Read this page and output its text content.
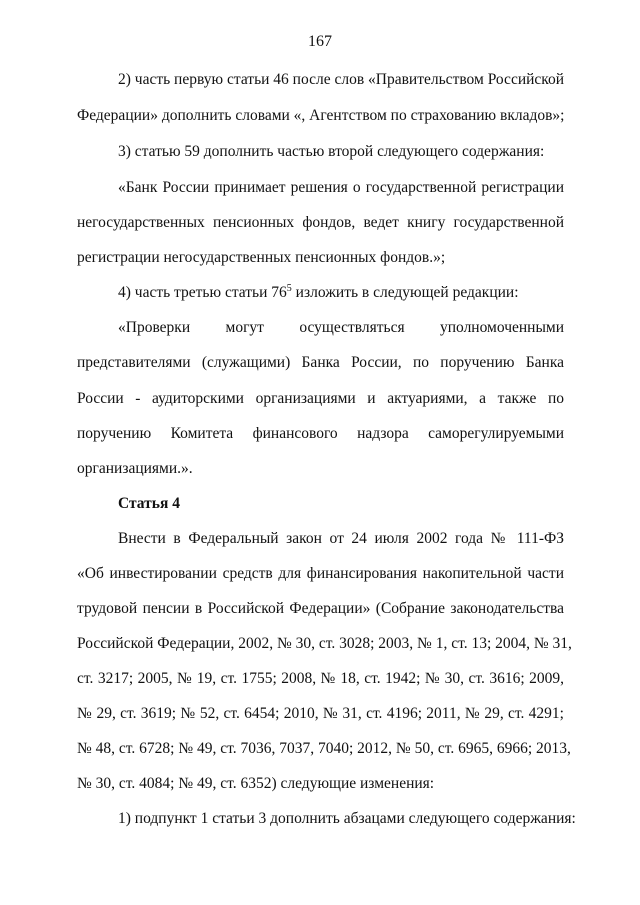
167
2) часть первую статьи 46 после слов «Правительством Российской
Федерации» дополнить словами «, Агентством по страхованию вкладов»;
3) статью 59 дополнить частью второй следующего содержания:
«Банк России принимает решения о государственной регистрации
негосударственных пенсионных фондов, ведет книгу государственной
регистрации негосударственных пенсионных фондов.»;
4) часть третью статьи $76^5$ изложить в следующей редакции:
«Проверки могут осуществляться уполномоченными
представителями (служащими) Банка России, по поручению Банка
России - аудиторскими организациями и актуариями, а также по
поручению Комитета финансового надзора саморегулируемыми
организациями.».
Статья 4
Внести в Федеральный закон от 24 июля 2002 года № 111-ФЗ
«Об инвестировании средств для финансирования накопительной части
трудовой пенсии в Российской Федерации» (Собрание законодательства
Российской Федерации, 2002, № 30, ст. 3028; 2003, № 1, ст. 13; 2004, № 31,
ст. 3217; 2005, № 19, ст. 1755; 2008, № 18, ст. 1942; № 30, ст. 3616; 2009,
№ 29, ст. 3619; № 52, ст. 6454; 2010, № 31, ст. 4196; 2011, № 29, ст. 4291;
№ 48, ст. 6728; № 49, ст. 7036, 7037, 7040; 2012, № 50, ст. 6965, 6966; 2013,
№ 30, ст. 4084; № 49, ст. 6352) следующие изменения:
1) подпункт 1 статьи 3 дополнить абзацами следующего содержания:
